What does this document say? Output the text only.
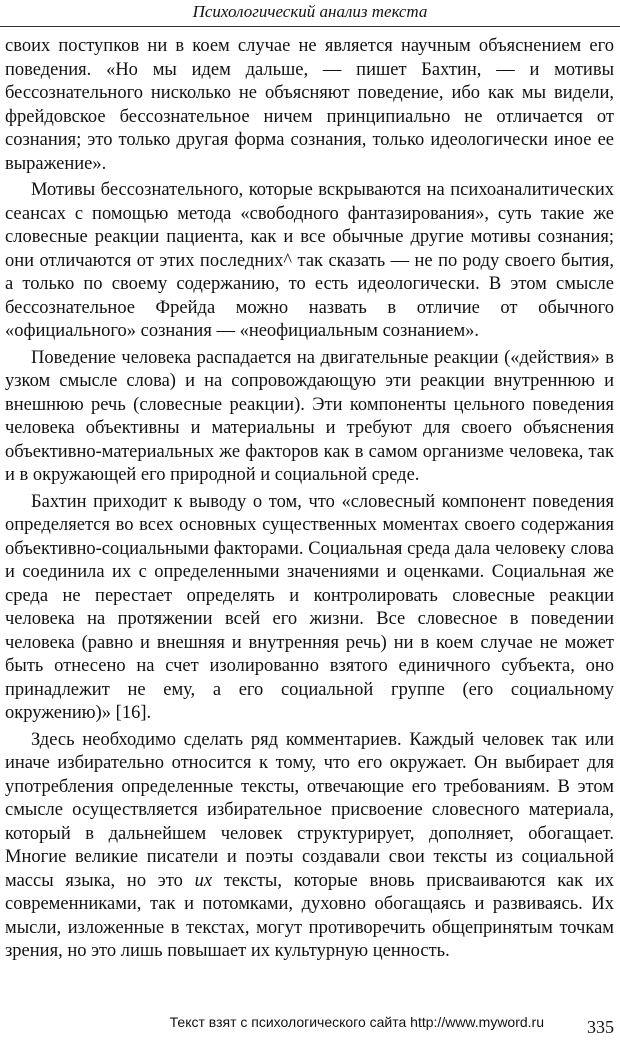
Психологический анализ текста

своих поступков ни в коем случае не является научным объяснением его поведения. «Но мы идем дальше, — пишет Бахтин, — и мотивы бессознательного нисколько не объясняют поведение, ибо как мы видели, фрейдовское бессознательное ничем принципиально не отличается от сознания; это только другая форма сознания, только идеологически иное ее выражение».

Мотивы бессознательного, которые вскрываются на психоаналитических сеансах с помощью метода «свободного фантазирования», суть такие же словесные реакции пациента, как и все обычные другие мотивы сознания; они отличаются от этих последних^ так сказать — не по роду своего бытия, а только по своему содержанию, то есть идеологически. В этом смысле бессознательное Фрейда можно назвать в отличие от обычного «официального» сознания — «неофициальным сознанием».

Поведение человека распадается на двигательные реакции («действия» в узком смысле слова) и на сопровождающую эти реакции внутреннюю и внешнюю речь (словесные реакции). Эти компоненты цельного поведения человека объективны и материальны и требуют для своего объяснения объективно-материальных же факторов как в самом организме человека, так и в окружающей его природной и социальной среде.

Бахтин приходит к выводу о том, что «словесный компонент поведения определяется во всех основных существенных моментах своего содержания объективно-социальными факторами. Социальная среда дала человеку слова и соединила их с определенными значениями и оценками. Социальная же среда не перестает определять и контролировать словесные реакции человека на протяжении всей его жизни. Все словесное в поведении человека (равно и внешняя и внутренняя речь) ни в коем случае не может быть отнесено на счет изолированно взятого единичного субъекта, оно принадлежит не ему, а его социальной группе (его социальному окружению)» [16].

Здесь необходимо сделать ряд комментариев. Каждый человек так или иначе избирательно относится к тому, что его окружает. Он выбирает для употребления определенные тексты, отвечающие его требованиям. В этом смысле осуществляется избирательное присвоение словесного материала, который в дальнейшем человек структурирует, дополняет, обогащает. Многие великие писатели и поэты создавали свои тексты из социальной массы языка, но это их тексты, которые вновь присваиваются как их современниками, так и потомками, духовно обогащаясь и развиваясь. Их мысли, изложенные в текстах, могут противоречить общепринятым точкам зрения, но это лишь повышает их культурную ценность.

Текст взят с психологического сайта http://www.myword.ru 335
